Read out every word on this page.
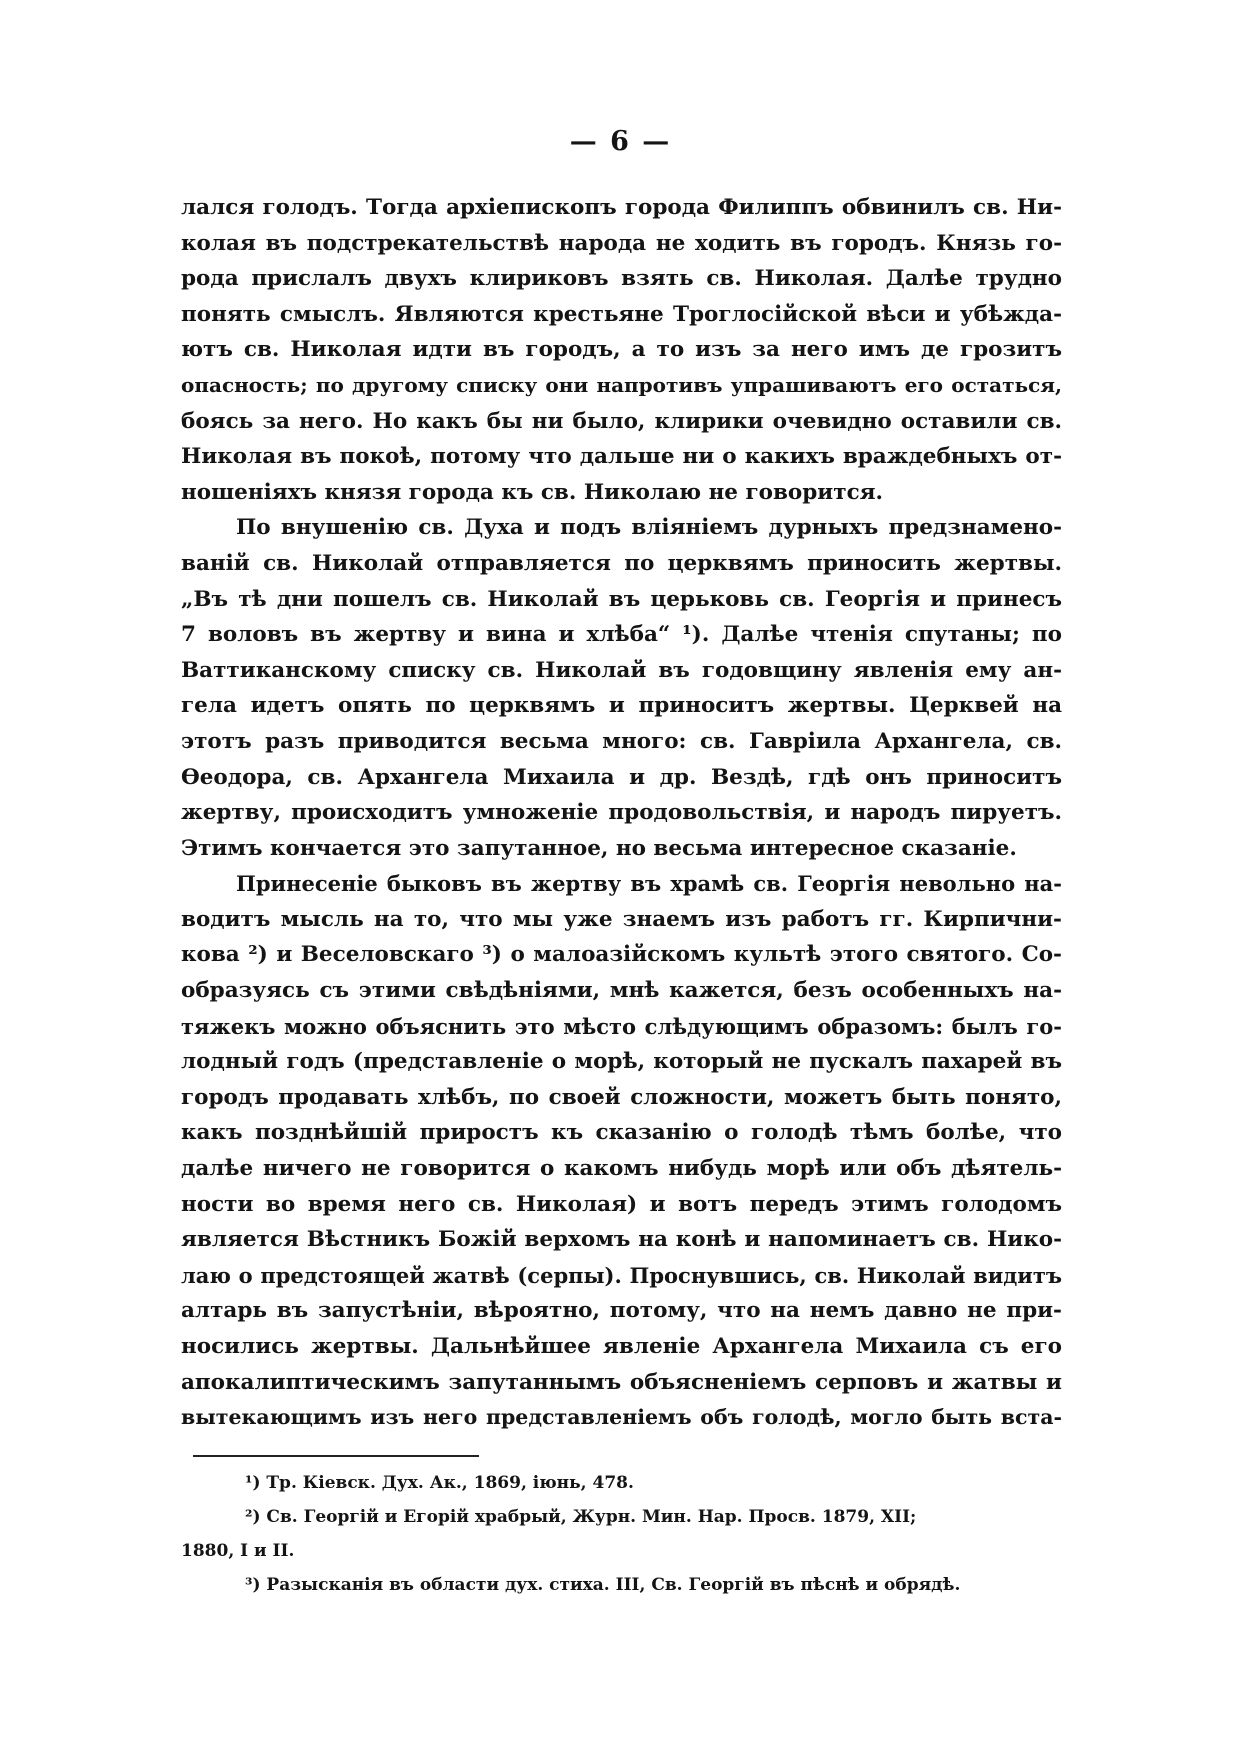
— 6 —
лался голодъ. Тогда архіепископъ города Филиппъ обвинилъ св. Ни-
колая въ подстрекательствѣ народа не ходить въ городъ. Князь го-
рода прислалъ двухъ клириковъ взять св. Николая. Далѣе трудно
понять смыслъ. Являются крестьяне Троглосійской вѣси и убѣжда-
ютъ св. Николая идти въ городъ, а то изъ за него имъ де грозитъ
опасность; по другому списку они напротивъ упрашиваютъ его остаться,
боясь за него. Но какъ бы ни было, клирики очевидно оставили св.
Николая въ покоѣ, потому что дальше ни о какихъ враждебныхъ от-
ношеніяхъ князя города къ св. Николаю не говорится.
По внушенію св. Духа и подъ вліяніемъ дурныхъ предзнамено-
ваній св. Николай отправляется по церквямъ приносить жертвы.
„Въ тѣ дни пошелъ св. Николай въ церьковь св. Георгія и принесъ
7 воловъ въ жертву и вина и хлѣба“ ¹). Далѣе чтенія спутаны; по
Ваттиканскому списку св. Николай въ годовщину явленія ему ан-
гела идетъ опять по церквямъ и приноситъ жертвы. Церквей на
этотъ разъ приводится весьма много: св. Гавріила Архангела, св.
Ѳеодора, св. Архангела Михаила и др. Вездѣ, гдѣ онъ приноситъ
жертву, происходитъ умноженіе продовольствія, и народъ пируетъ.
Этимъ кончается это запутанное, но весьма интересное сказаніе.
Принесеніе быковъ въ жертву въ храмѣ св. Георгія невольно на-
водитъ мысль на то, что мы уже знаемъ изъ работъ гг. Кирпични-
кова ²) и Веселовскаго ³) о малоазійскомъ культѣ этого святого. Со-
образуясь съ этими свѣдѣніями, мнѣ кажется, безъ особенныхъ на-
тяжекъ можно объяснить это мѣсто слѣдующимъ образомъ: былъ го-
лодный годъ (представленіе о морѣ, который не пускалъ пахарей въ
городъ продавать хлѣбъ, по своей сложности, можетъ быть понято,
какъ позднѣйшій приростъ къ сказанію о голодѣ тѣмъ болѣе, что
далѣе ничего не говорится о какомъ нибудь морѣ или объ дѣятель-
ности во время него св. Николая) и вотъ передъ этимъ голодомъ
является Вѣстникъ Божій верхомъ на конѣ и напоминаетъ св. Нико-
лаю о предстоящей жатвѣ (серпы). Проснувшись, св. Николай видитъ
алтарь въ запустѣніи, вѣроятно, потому, что на немъ давно не при-
носились жертвы. Дальнѣйшее явленіе Архангела Михаила съ его
апокалиптическимъ запутаннымъ объясненіемъ серповъ и жатвы и
вытекающимъ изъ него представленіемъ объ голодѣ, могло быть вста-
¹) Тр. Кіевск. Дух. Ак., 1869, іюнь, 478.
²) Св. Георгій и Егорій храбрый, Журн. Мин. Нар. Просв. 1879, XII;
1880, I и II.
³) Разысканія въ области дух. стиха. III, Св. Георгій въ пѣснѣ и обрядѣ.
